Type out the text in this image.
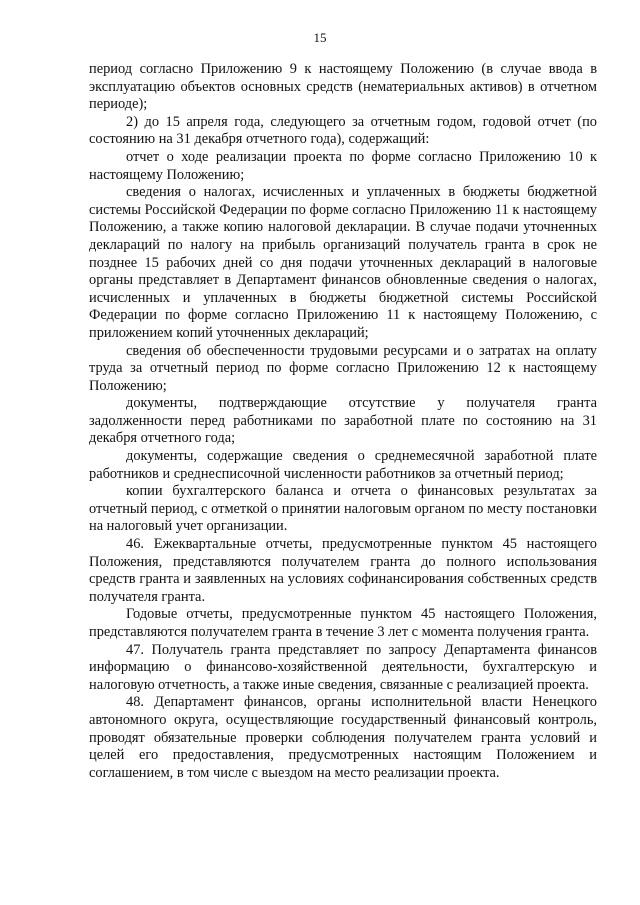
15

период согласно Приложению 9 к настоящему Положению (в случае ввода в эксплуатацию объектов основных средств (нематериальных активов) в отчетном периоде);

2) до 15 апреля года, следующего за отчетным годом, годовой отчет (по состоянию на 31 декабря отчетного года), содержащий:

отчет о ходе реализации проекта по форме согласно Приложению 10 к настоящему Положению;

сведения о налогах, исчисленных и уплаченных в бюджеты бюджетной системы Российской Федерации по форме согласно Приложению 11 к настоящему Положению, а также копию налоговой декларации. В случае подачи уточненных деклараций по налогу на прибыль организаций получатель гранта в срок не позднее 15 рабочих дней со дня подачи уточненных деклараций в налоговые органы представляет в Департамент финансов обновленные сведения о налогах, исчисленных и уплаченных в бюджеты бюджетной системы Российской Федерации по форме согласно Приложению 11 к настоящему Положению, с приложением копий уточненных деклараций;

сведения об обеспеченности трудовыми ресурсами и о затратах на оплату труда за отчетный период по форме согласно Приложению 12 к настоящему Положению;

документы, подтверждающие отсутствие у получателя гранта задолженности перед работниками по заработной плате по состоянию на 31 декабря отчетного года;

документы, содержащие сведения о среднемесячной заработной плате работников и среднесписочной численности работников за отчетный период;

копии бухгалтерского баланса и отчета о финансовых результатах за отчетный период, с отметкой о принятии налоговым органом по месту постановки на налоговый учет организации.

46. Ежеквартальные отчеты, предусмотренные пунктом 45 настоящего Положения, представляются получателем гранта до полного использования средств гранта и заявленных на условиях софинансирования собственных средств получателя гранта.

Годовые отчеты, предусмотренные пунктом 45 настоящего Положения, представляются получателем гранта в течение 3 лет с момента получения гранта.

47. Получатель гранта представляет по запросу Департамента финансов информацию о финансово-хозяйственной деятельности, бухгалтерскую и налоговую отчетность, а также иные сведения, связанные с реализацией проекта.

48. Департамент финансов, органы исполнительной власти Ненецкого автономного округа, осуществляющие государственный финансовый контроль, проводят обязательные проверки соблюдения получателем гранта условий и целей его предоставления, предусмотренных настоящим Положением и соглашением, в том числе с выездом на место реализации проекта.
